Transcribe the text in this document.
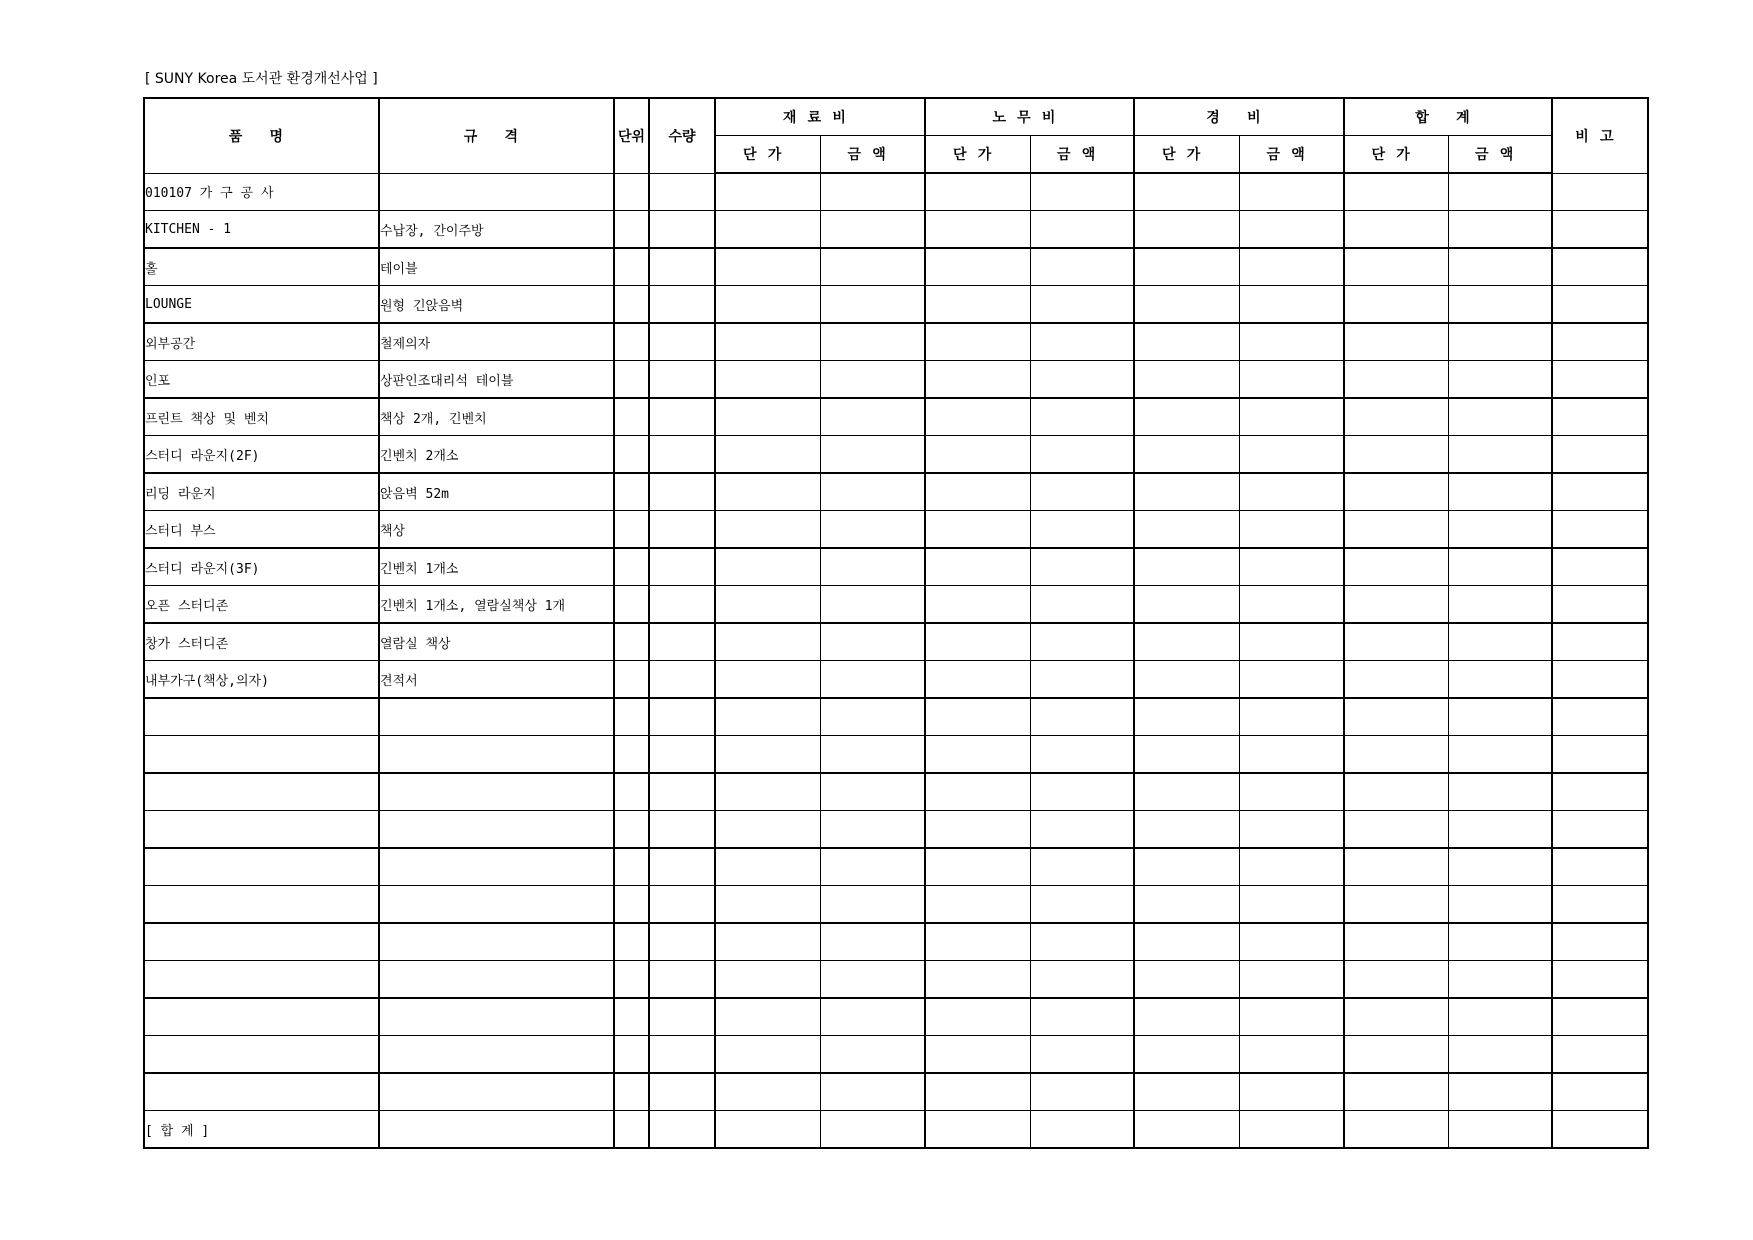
[ SUNY Korea 도서관 환경개선사업 ]
품 명	규 격	단위	수량	재료비		노무비		경 비		합 계		비고
				단가	금액	단가	금액	단가	금액	단가	금액	
010107 가 구 공 사												
KITCHEN - 1	수납장, 간이주방											
홀	테이블											
LOUNGE	원형 긴앉음벽											
외부공간	철제의자											
인포	상판인조대리석 테이블											
프린트 책상 및 벤치	책상 2개, 긴벤치											
스터디 라운지(2F)	긴벤치 2개소											
리딩 라운지	앉음벽 52m											
스터디 부스	책상											
스터디 라운지(3F)	긴벤치 1개소											
오픈 스터디존	긴벤치 1개소, 열람실책상 1개											
창가 스터디존	열람실 책상											
내부가구(책상,의자)	견적서											

[ 합 계 ]												
